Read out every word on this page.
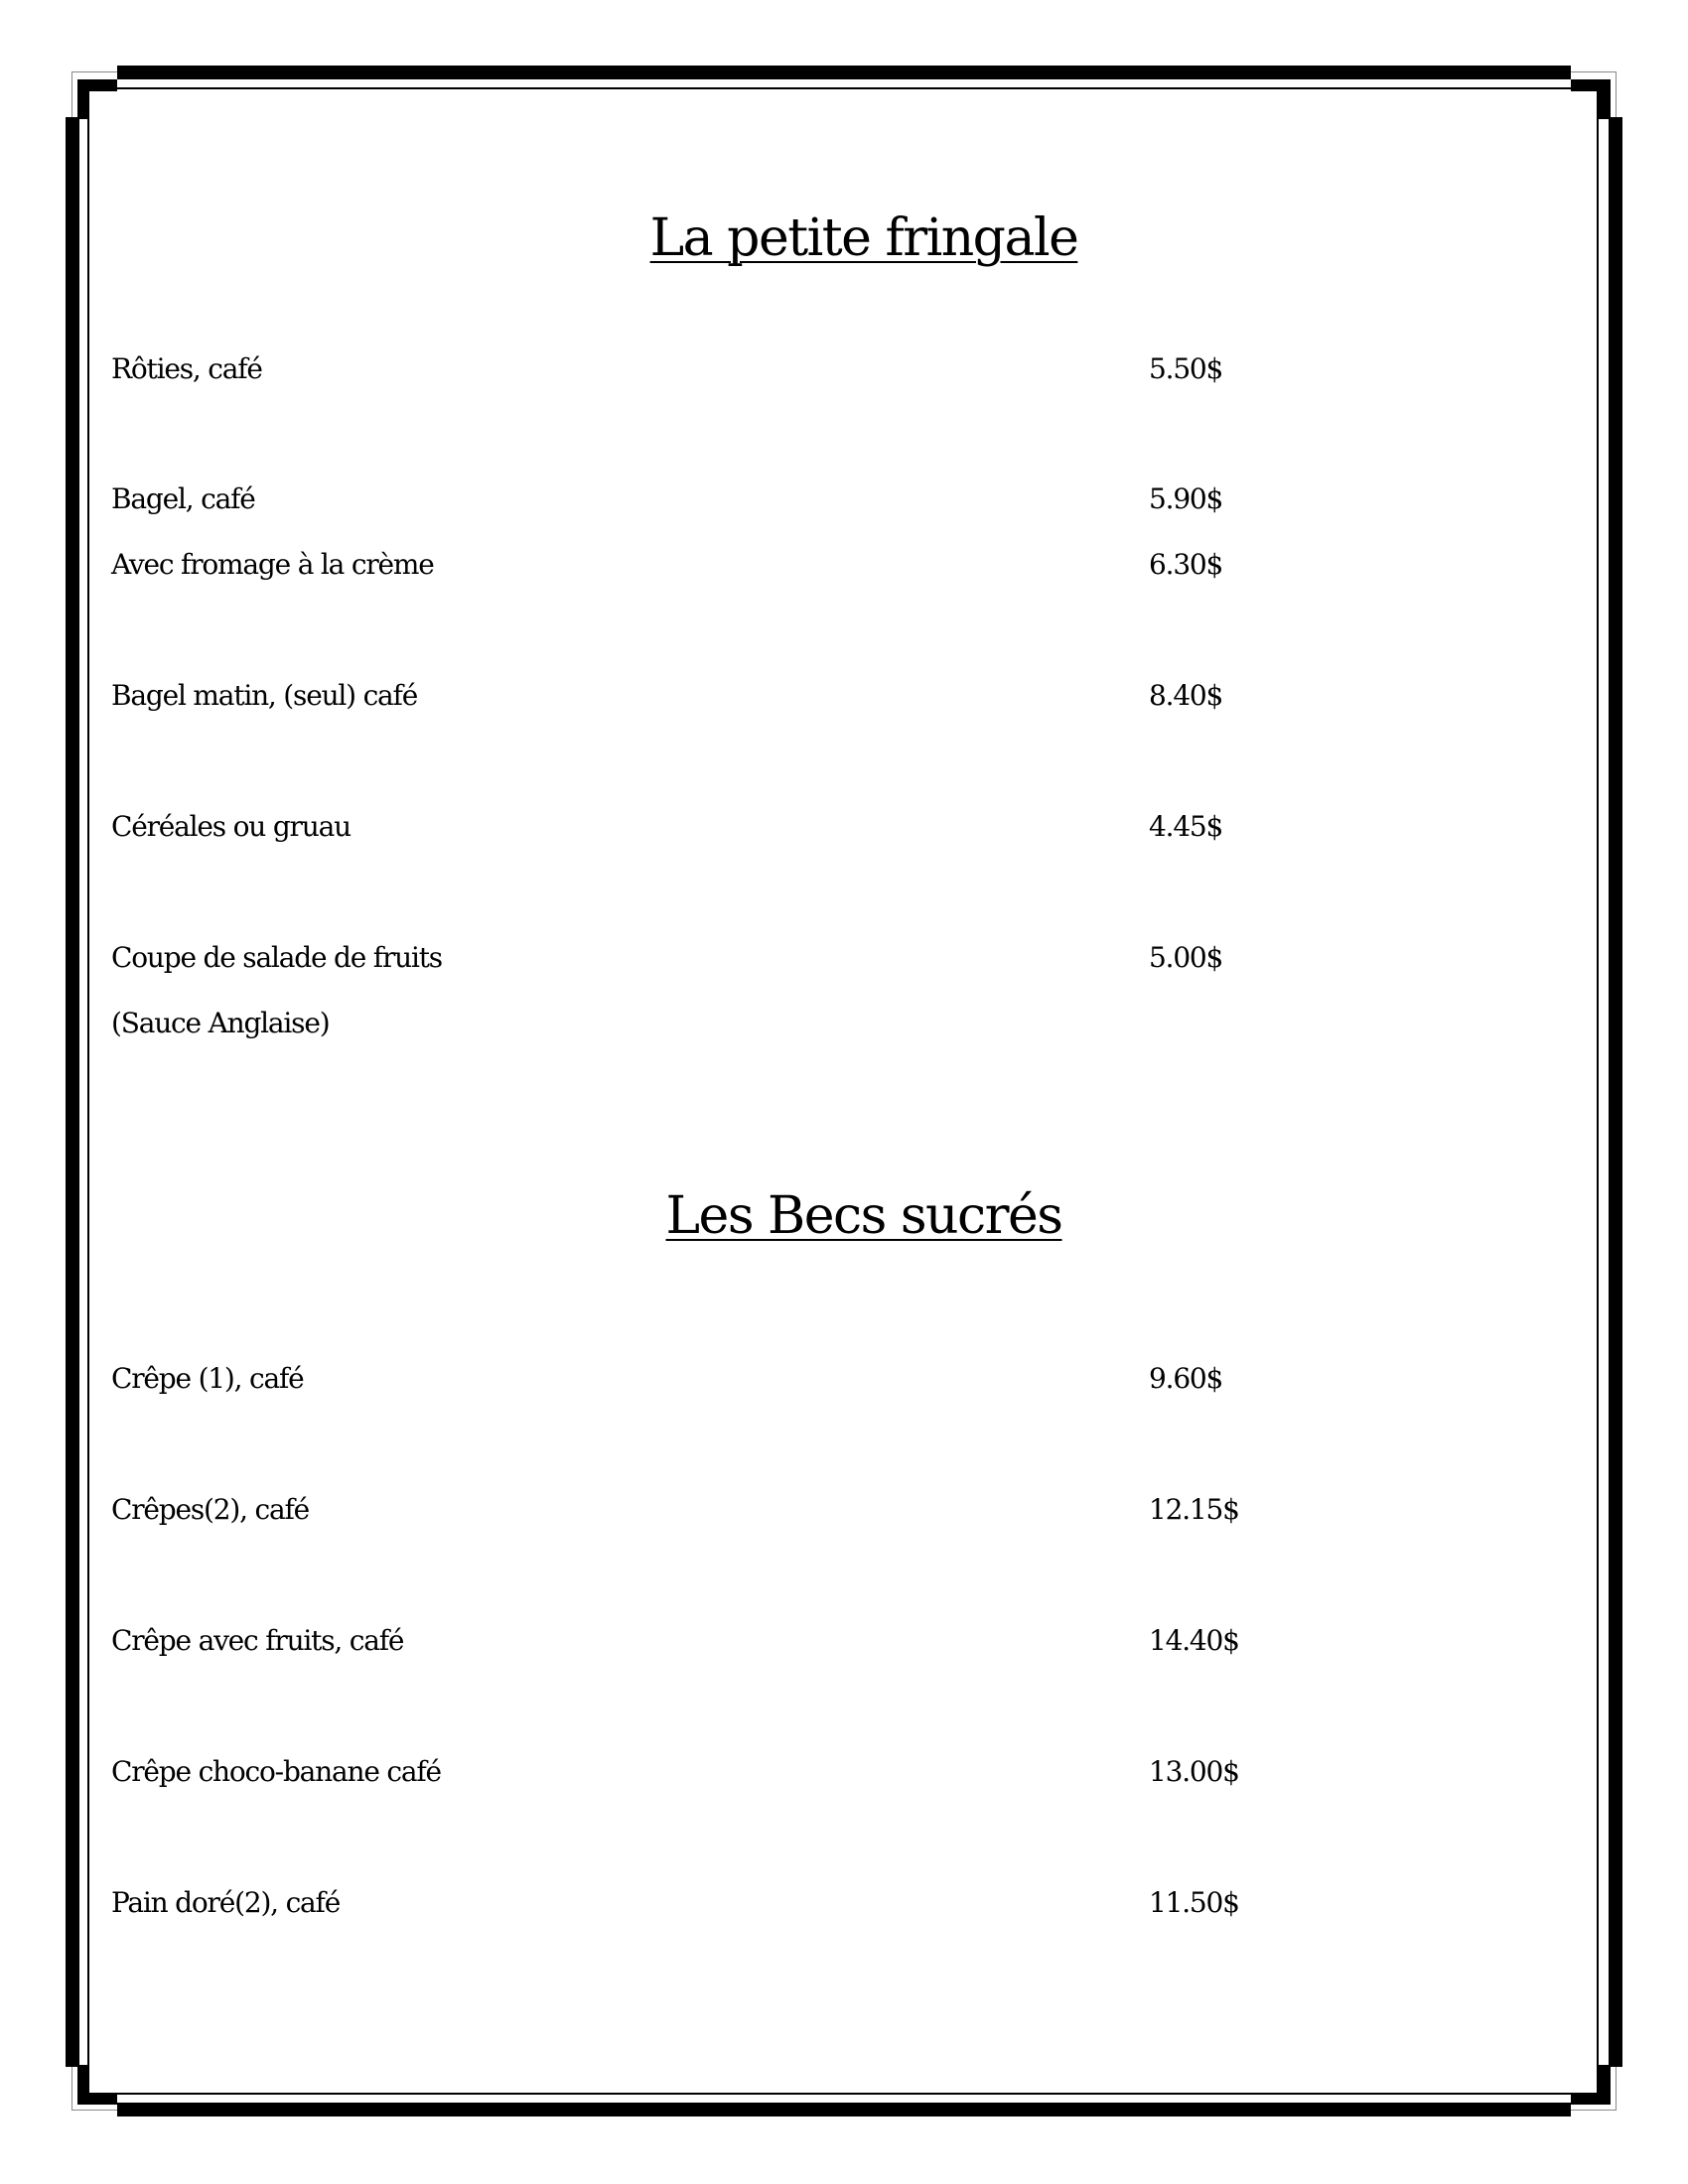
La petite fringale
Rôties, café	5.50$
Bagel, café	5.90$
Avec fromage à la crème	6.30$
Bagel matin, (seul) café	8.40$
Céréales ou gruau	4.45$
Coupe de salade de fruits	5.00$
(Sauce Anglaise)
Les Becs sucrés
Crêpe (1), café	9.60$
Crêpes(2), café	12.15$
Crêpe avec fruits, café	14.40$
Crêpe choco-banane café	13.00$
Pain doré(2), café	11.50$
